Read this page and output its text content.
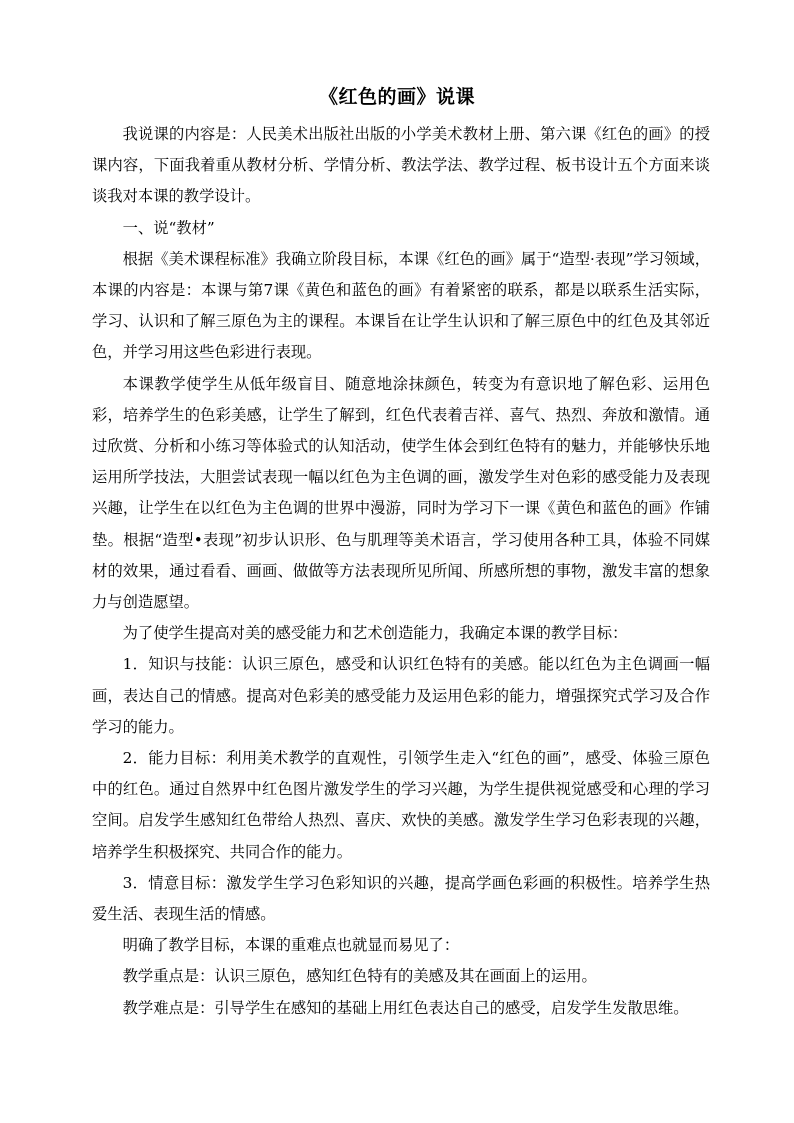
《红色的画》说课

我说课的内容是：人民美术出版社出版的小学美术教材上册、第六课《红色的画》的授课内容，下面我着重从教材分析、学情分析、教法学法、教学过程、板书设计五个方面来谈谈我对本课的教学设计。

一、说“教材”

根据《美术课程标准》我确立阶段目标，本课《红色的画》属于“造型·表现”学习领域，本课的内容是：本课与第7课《黄色和蓝色的画》有着紧密的联系，都是以联系生活实际，学习、认识和了解三原色为主的课程。本课旨在让学生认识和了解三原色中的红色及其邻近色，并学习用这些色彩进行表现。

本课教学使学生从低年级盲目、随意地涂抹颜色，转变为有意识地了解色彩、运用色彩，培养学生的色彩美感，让学生了解到，红色代表着吉祥、喜气、热烈、奔放和激情。通过欣赏、分析和小练习等体验式的认知活动，使学生体会到红色特有的魅力，并能够快乐地运用所学技法，大胆尝试表现一幅以红色为主色调的画，激发学生对色彩的感受能力及表现兴趣，让学生在以红色为主色调的世界中漫游，同时为学习下一课《黄色和蓝色的画》作铺垫。根据“造型•表现”初步认识形、色与肌理等美术语言，学习使用各种工具，体验不同媒材的效果，通过看看、画画、做做等方法表现所见所闻、所感所想的事物，激发丰富的想象力与创造愿望。

为了使学生提高对美的感受能力和艺术创造能力，我确定本课的教学目标：

1．知识与技能：认识三原色，感受和认识红色特有的美感。能以红色为主色调画一幅画，表达自己的情感。提高对色彩美的感受能力及运用色彩的能力，增强探究式学习及合作学习的能力。

2．能力目标：利用美术教学的直观性，引领学生走入“红色的画”，感受、体验三原色中的红色。通过自然界中红色图片激发学生的学习兴趣，为学生提供视觉感受和心理的学习空间。启发学生感知红色带给人热烈、喜庆、欢快的美感。激发学生学习色彩表现的兴趣，培养学生积极探究、共同合作的能力。

3．情意目标：激发学生学习色彩知识的兴趣，提高学画色彩画的积极性。培养学生热爱生活、表现生活的情感。

明确了教学目标，本课的重难点也就显而易见了：

教学重点是：认识三原色，感知红色特有的美感及其在画面上的运用。

教学难点是：引导学生在感知的基础上用红色表达自己的感受，启发学生发散思维。
